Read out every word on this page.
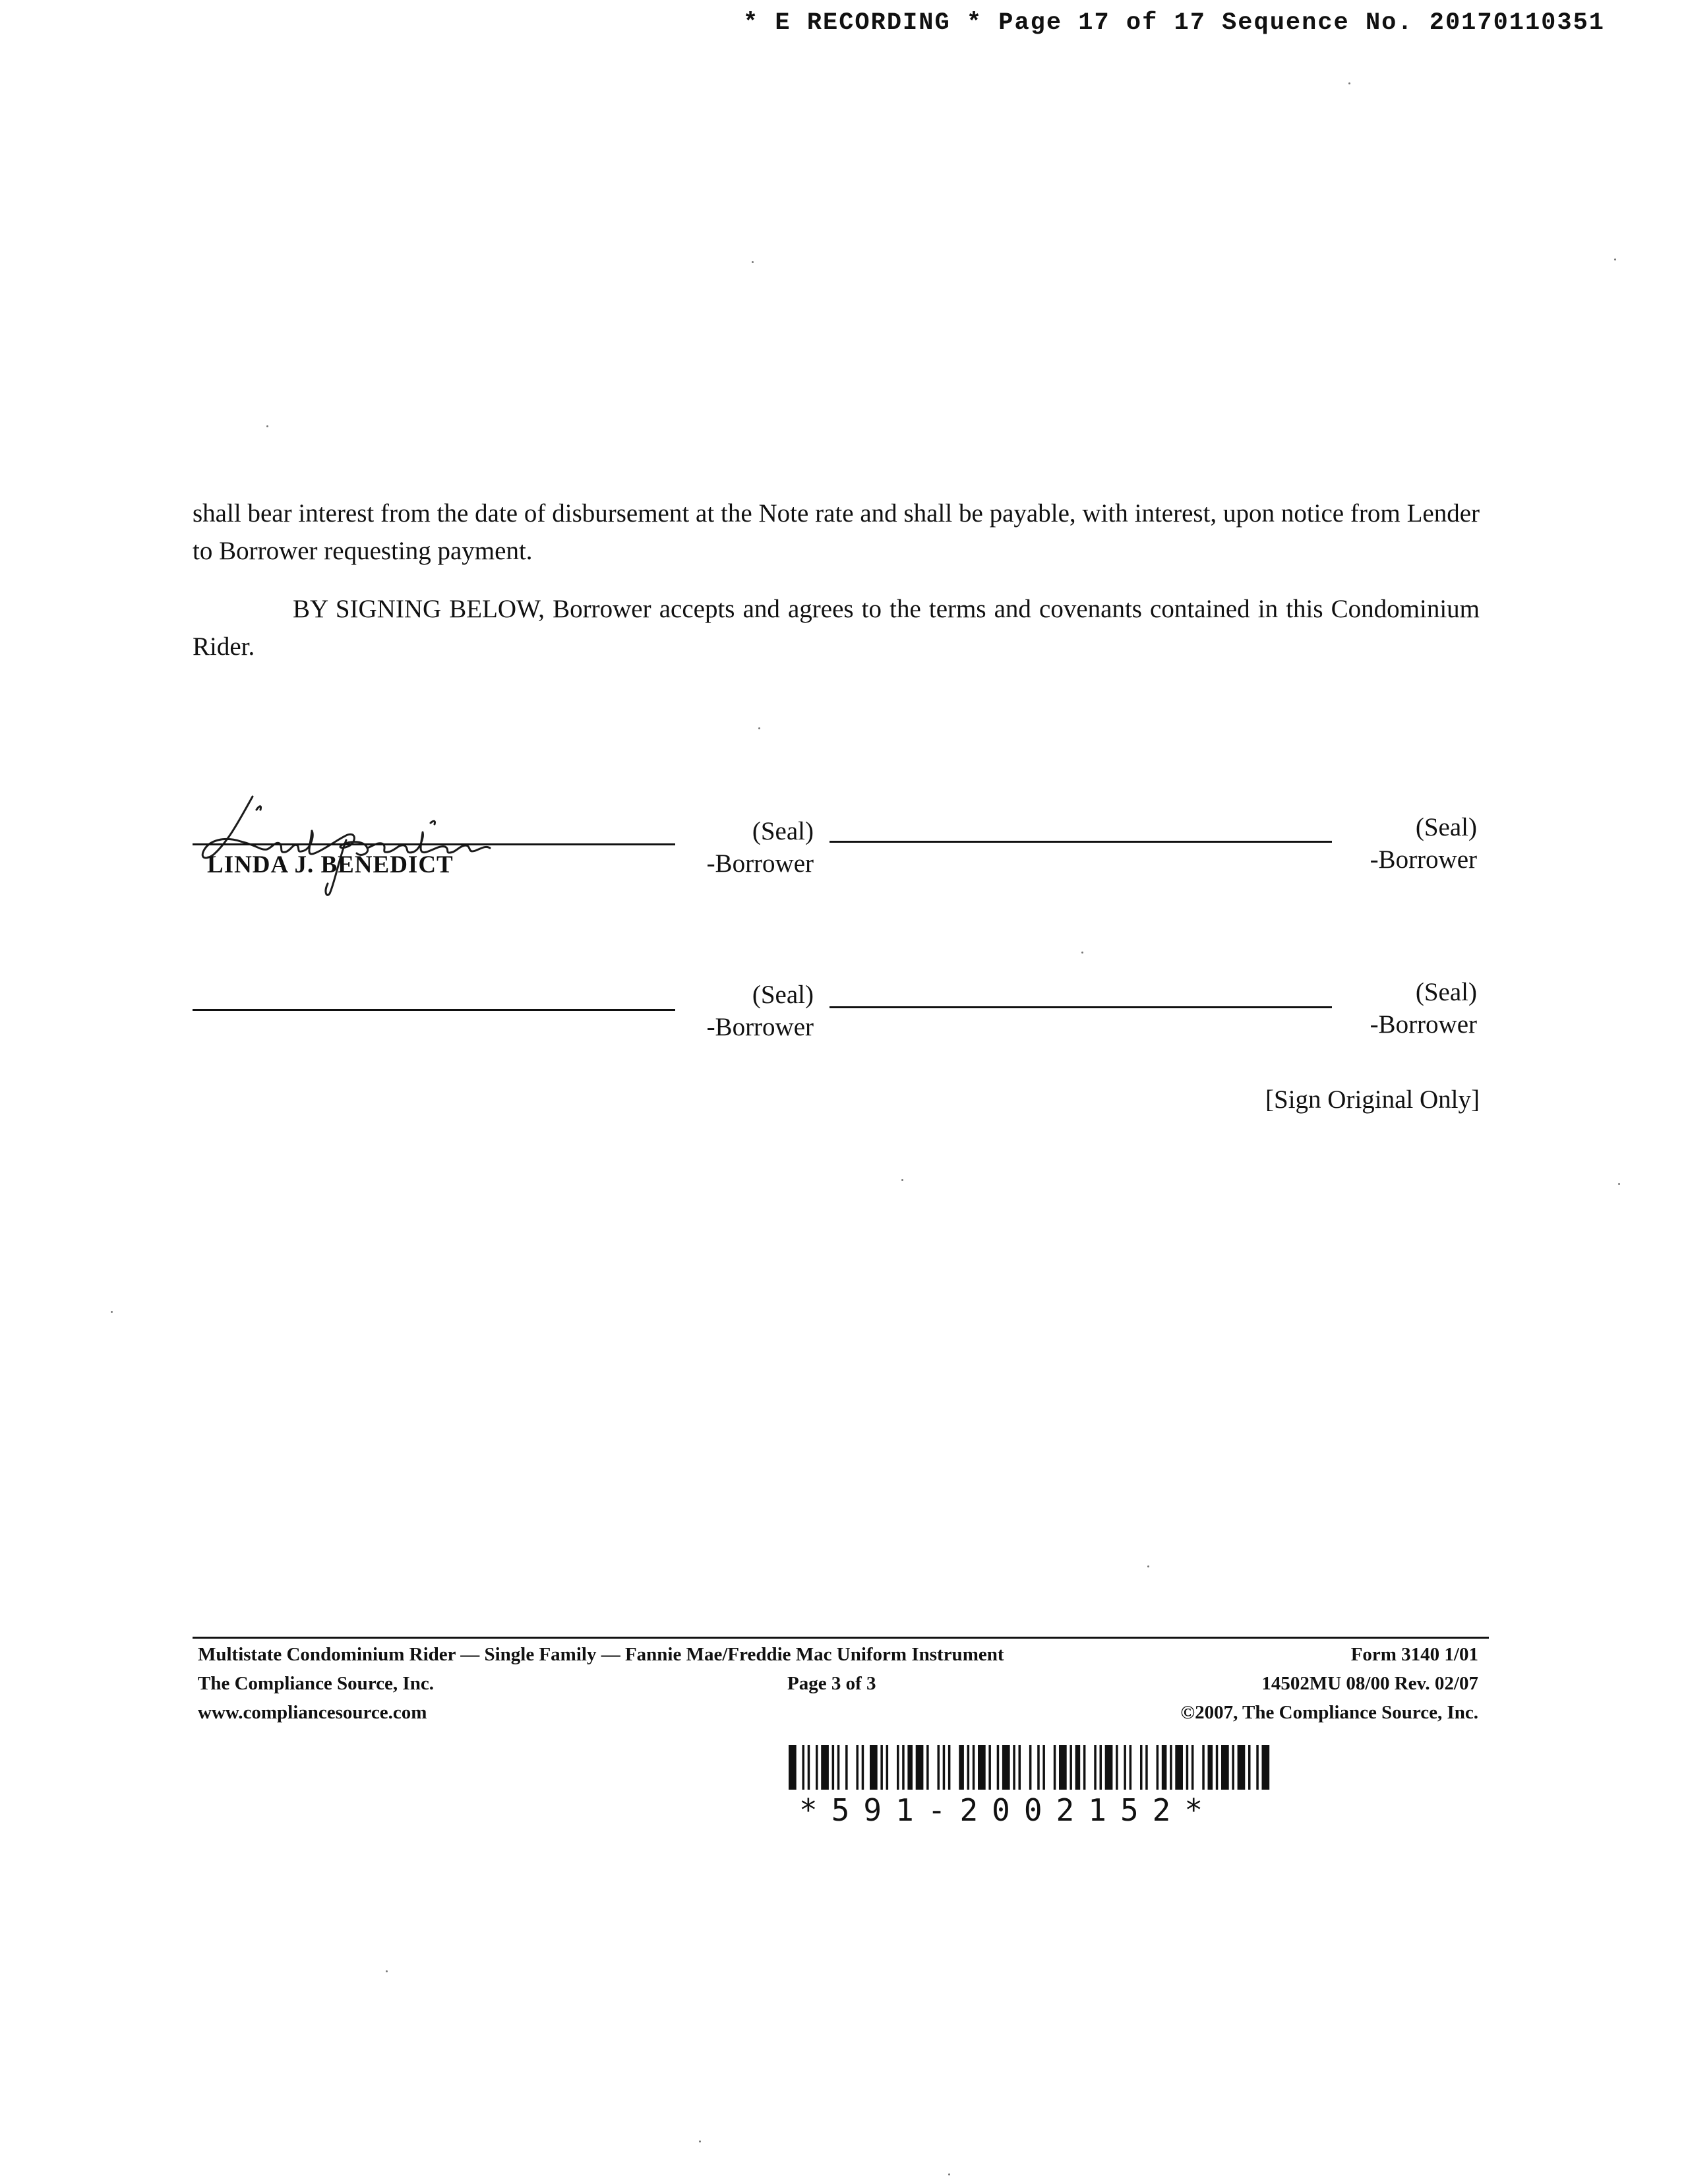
* E RECORDING * Page 17 of 17 Sequence No. 20170110351
shall bear interest from the date of disbursement at the Note rate and shall be payable, with interest, upon notice from Lender to Borrower requesting payment.
BY SIGNING BELOW, Borrower accepts and agrees to the terms and covenants contained in this Condominium Rider.
LINDA J. BENEDICT
(Seal)
-Borrower
(Seal)
-Borrower
(Seal)
-Borrower
(Seal)
-Borrower
[Sign Original Only]
Multistate Condominium Rider — Single Family — Fannie Mae/Freddie Mac Uniform Instrument	Form 3140 1/01
The Compliance Source, Inc.	Page 3 of 3	14502MU 08/00 Rev. 02/07
www.compliancesource.com	©2007, The Compliance Source, Inc.
*591-2002152*
